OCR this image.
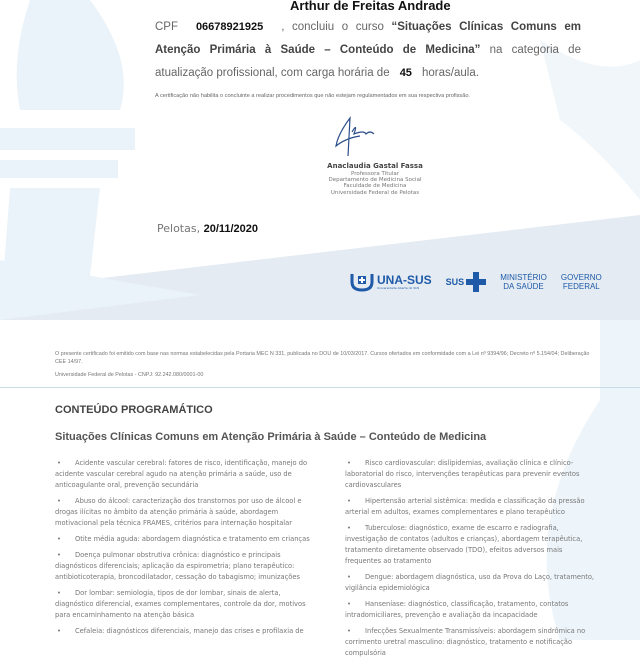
Arthur de Freitas Andrade
CPF 06678921925 , concluiu o curso “Situações Clínicas Comuns em Atenção Primária à Saúde – Conteúdo de Medicina” na categoria de atualização profissional, com carga horária de 45 horas/aula.
A certificação não habilita o concluinte a realizar procedimentos que não estejam regulamentados em sua respectiva profissão.
Anaclaudia Gastal Fassa
Professora Titular
Departamento de Medicina Social
Faculdade de Medicina
Universidade Federal de Pelotas
Pelotas, 20/11/2020
UNA-SUS
Universidade Aberta do SUS
SUS	MINISTÉRIO
DA SAÚDE
GOVERNO
FEDERAL
O presente certificado foi emitido com base nas normas estabelecidas pela Portaria MEC N 331, publicada no DOU de 10/03/2017. Cursos ofertados em conformidade com a Lei nº 9394/96; Decreto nº 5.154/04; Deliberação CEE 14/97.
Universidade Federal de Pelotas - CNPJ: 92.242.080/0001-00
CONTEÚDO PROGRAMÁTICO
Situações Clínicas Comuns em Atenção Primária à Saúde – Conteúdo de Medicina
• Acidente vascular cerebral: fatores de risco, identificação, manejo do acidente vascular cerebral agudo na atenção primária a saúde, uso de anticoagulante oral, prevenção secundária
• Abuso do álcool: caracterização dos transtornos por uso de álcool e drogas ilícitas no âmbito da atenção primária à saúde, abordagem motivacional pela técnica FRAMES, critérios para internação hospitalar
• Otite média aguda: abordagem diagnóstica e tratamento em crianças
• Doença pulmonar obstrutiva crônica: diagnóstico e principais diagnósticos diferenciais; aplicação da espirometria; plano terapêutico: antibioticoterapia, broncodilatador, cessação do tabagismo; imunizações
• Dor lombar: semiologia, tipos de dor lombar, sinais de alerta, diagnóstico diferencial, exames complementares, controle da dor, motivos para encaminhamento na atenção básica
• Cefaleia: diagnósticos diferenciais, manejo das crises e profilaxia de
• Risco cardiovascular: dislipidemias, avaliação clínica e clínico-laboratorial do risco, intervenções terapêuticas para prevenir eventos cardiovasculares
• Hipertensão arterial sistêmica: medida e classificação da pressão arterial em adultos, exames complementares e plano terapêutico
• Tuberculose: diagnóstico, exame de escarro e radiografia, investigação de contatos (adultos e crianças), abordagem terapêutica, tratamento diretamente observado (TDO), efeitos adversos mais frequentes ao tratamento
• Dengue: abordagem diagnóstica, uso da Prova do Laço, tratamento, vigilância epidemiológica
• Hanseníase: diagnóstico, classificação, tratamento, contatos intradomiciliares, prevenção e avaliação da incapacidade
• Infecções Sexualmente Transmissíveis: abordagem sindrômica no corrimento uretral masculino: diagnóstico, tratamento e notificação compulsória
